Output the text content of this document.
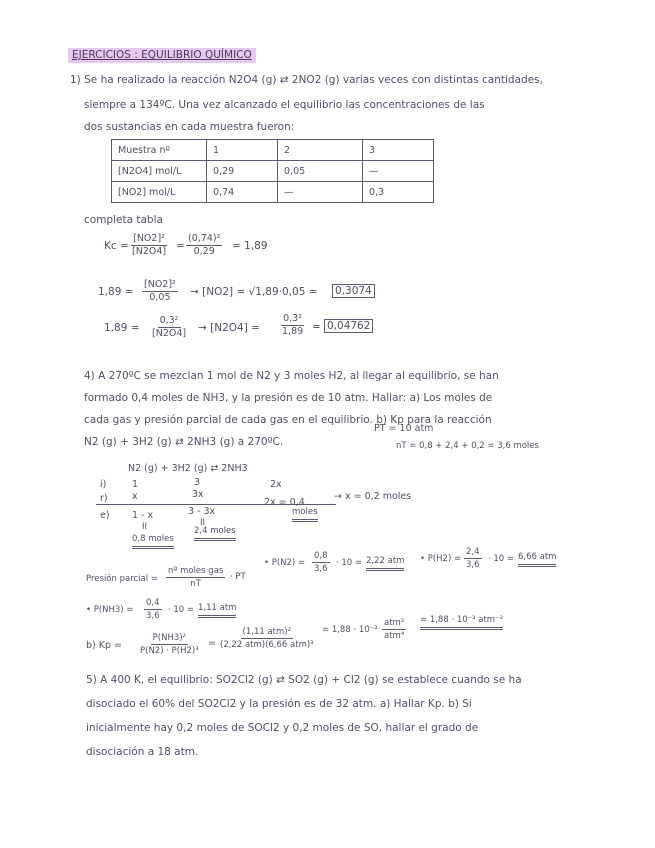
EJERCICIOS : EQUILIBRIO QUÍMICO
1) Se ha realizado la reacción N2O4 (g) ⇄ 2NO2 (g) varias veces con distintas cantidades,
siempre a 134ºC. Una vez alcanzado el equilibrio las concentraciones de las
dos sustancias en cada muestra fueron:
Muestra nº	1	2	3
[N2O4] mol/L	0,29	0,05	—
[NO2] mol/L	0,74	—	0,3
completa tabla
$Kc = \frac{\text{[NO2]²}}{[N2O4]} = \frac{\text{(0,74)²}}{0,29} = 1,89$
$1,89 = \frac{\text{[NO2]²}}{0,05} \to [NO2] = √1,89\cdot 0,05 = 0,3074$
$1,89 = \frac{\text{0,3²}}{[N2O4]} \to [N2O4] = \frac{\text{0,3²}}{1,89} = 0,04762$
4) A 270ºC se mezclan 1 mol de N2 y 3 moles H2, al llegar al equilibrio, se han
formado 0,4 moles de NH3, y la presión es de 10 atm. Hallar: a) Los moles de
cada gas y presión parcial de cada gas en el equilibrio. b) Kp para la reacción
N2 (g) + 3H2 (g) ⇄ 2NH3 (g) a 270ºC.
PT = 10 atm
nT = 0,8 + 2,4 + 0,2 = 3,6 moles
N2 (g) + 3H2 (g) ⇄ 2NH3
i)	1	3
r)	x	3x
2x
e) 1 - x	3 - 3x
2x = 0,4
→ x = 0,2 moles
moles
II	II
0,8 moles
2,4 moles
Presión parcial =
nº moles gas
nT
· PT
• $P(N2) = \frac{0,8}{3,6} \cdot 10 = 2,22$ atm • $P(H2) = \frac{2,4}{3,6} \cdot 10 = 6,66$ atm
• $P(NH3) = \frac{0,4}{3,6} \cdot 10 = 1,11$ atm
b) $Kp = \frac{\text{P(NH3)²}}{\text{P(N2) · P(H2)³}}$ =
(1,11 atm)²
(2,22 atm)(6,66 atm)³
= 1,88 · 10⁻³
atm²
atm⁴
= 1,88 · 10⁻³ atm⁻²
5) A 400 K, el equilibrio: SO2Cl2 (g) ⇄ SO2 (g) + Cl2 (g) se establece cuando se ha
disociado el 60% del SO2Cl2 y la presión es de 32 atm. a) Hallar Kp. b) Si
inicialmente hay 0,2 moles de SOCl2 y 0,2 moles de SO, hallar el grado de
disociación a 18 atm.
